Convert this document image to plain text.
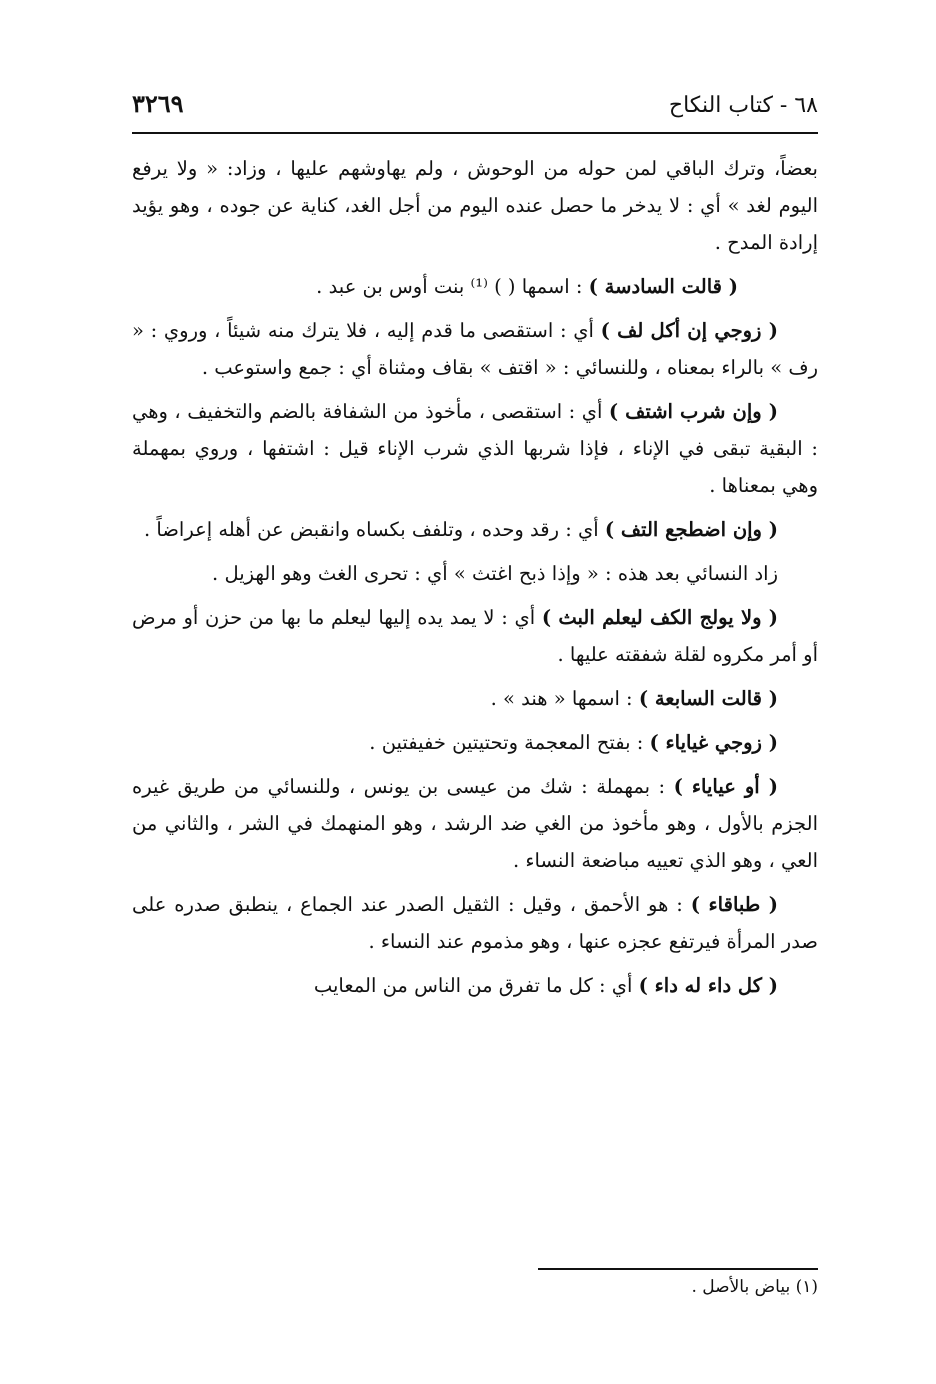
٦٨ - كتاب النكاح
٣٢٦٩

بعضاً، وترك الباقي لمن حوله من الوحوش ، ولم يهاوشهم عليها ، وزاد: « ولا يرفع اليوم لغد » أي : لا يدخر ما حصل عنده اليوم من أجل الغد، كناية عن جوده ، وهو يؤيد إرادة المدح .

( قالت السادسة ) : اسمها ( ) ⁽¹⁾ بنت أوس بن عبد .

( زوجي إن أكل لف ) أي : استقصى ما قدم إليه ، فلا يترك منه شيئاً ، وروي : « رف » بالراء بمعناه ، وللنسائي : « اقتف » بقاف ومثناة أي : جمع واستوعب .

( وإن شرب اشتف ) أي : استقصى ، مأخوذ من الشفافة بالضم والتخفيف ، وهي : البقية تبقى في الإناء ، فإذا شربها الذي شرب الإناء قيل : اشتفها ، وروي بمهملة وهي بمعناها .

( وإن اضطجع التف ) أي : رقد وحده ، وتلفف بكساه وانقبض عن أهله إعراضاً .

زاد النسائي بعد هذه : « وإذا ذبح اغتث » أي : تحرى الغث وهو الهزيل .

( ولا يولج الكف ليعلم البث ) أي : لا يمد يده إليها ليعلم ما بها من حزن أو مرض أو أمر مكروه لقلة شفقته عليها .

( قالت السابعة ) : اسمها « هند » .

( زوجي غياياء ) : بفتح المعجمة وتحتيتين خفيفتين .

( أو عياياء ) : بمهملة : شك من عيسى بن يونس ، وللنسائي من طريق غيره الجزم بالأول ، وهو مأخوذ من الغي ضد الرشد ، وهو المنهمك في الشر ، والثاني من العي ، وهو الذي تعييه مباضعة النساء .

( طباقاء ) : هو الأحمق ، وقيل : الثقيل الصدر عند الجماع ، ينطبق صدره على صدر المرأة فيرتفع عجزه عنها ، وهو مذموم عند النساء .

( كل داء له داء ) أي : كل ما تفرق من الناس من المعايب

(١) بياض بالأصل .
